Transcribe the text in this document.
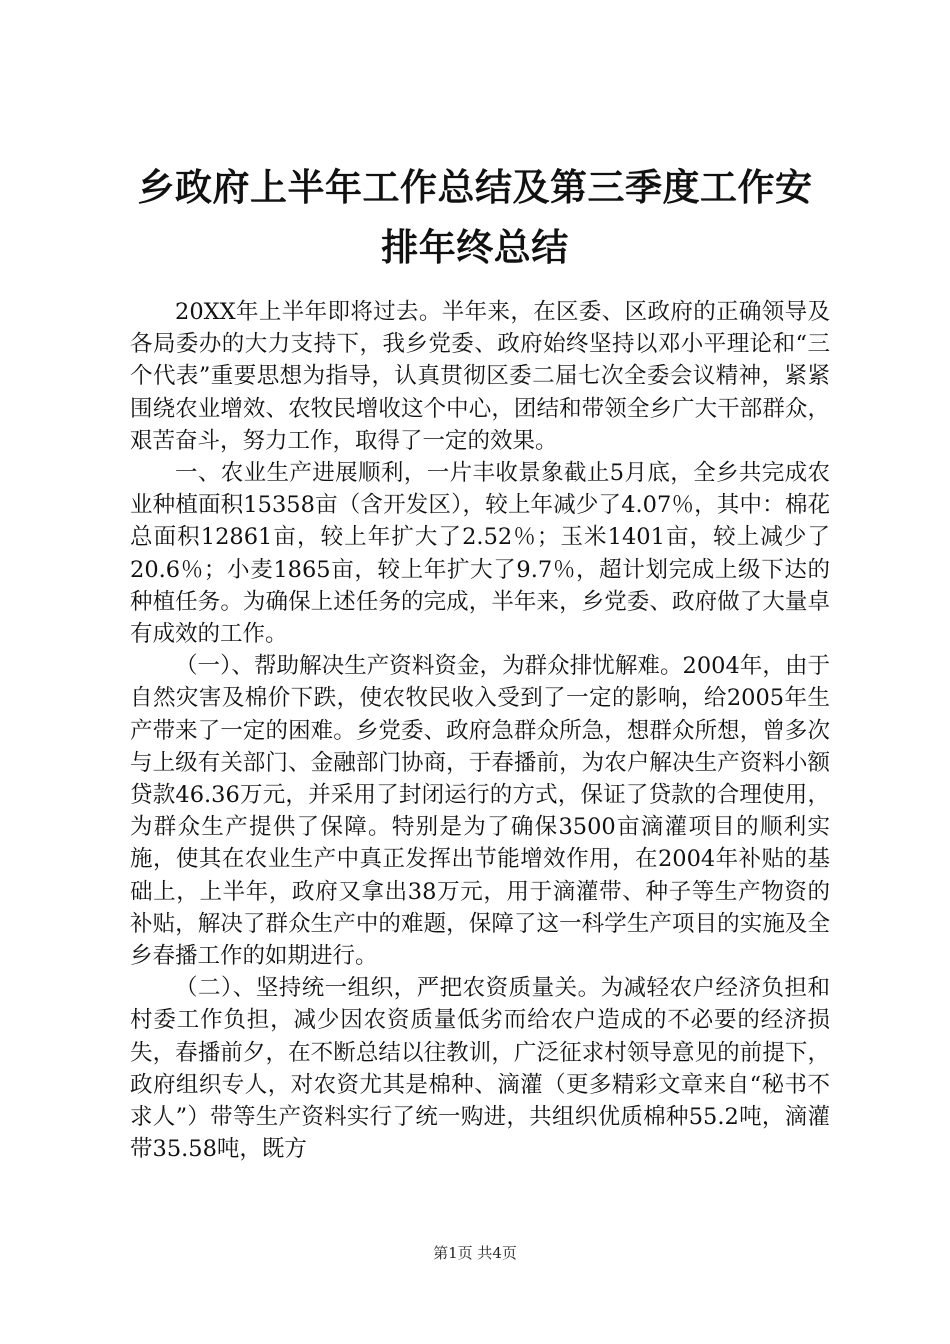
乡政府上半年工作总结及第三季度工作安排年终总结

20XX年上半年即将过去。半年来，在区委、区政府的正确领导及各局委办的大力支持下，我乡党委、政府始终坚持以邓小平理论和“三个代表”重要思想为指导，认真贯彻区委二届七次全委会议精神，紧紧围绕农业增效、农牧民增收这个中心，团结和带领全乡广大干部群众，艰苦奋斗，努力工作，取得了一定的效果。

一、农业生产进展顺利，一片丰收景象截止5月底，全乡共完成农业种植面积15358亩（含开发区），较上年减少了4.07％，其中：棉花总面积12861亩，较上年扩大了2.52％；玉米1401亩，较上减少了20.6％；小麦1865亩，较上年扩大了9.7％，超计划完成上级下达的种植任务。为确保上述任务的完成，半年来，乡党委、政府做了大量卓有成效的工作。

（一）、帮助解决生产资料资金，为群众排忧解难。2004年，由于自然灾害及棉价下跌，使农牧民收入受到了一定的影响，给2005年生产带来了一定的困难。乡党委、政府急群众所急，想群众所想，曾多次与上级有关部门、金融部门协商，于春播前，为农户解决生产资料小额贷款46.36万元，并采用了封闭运行的方式，保证了贷款的合理使用，为群众生产提供了保障。特别是为了确保3500亩滴灌项目的顺利实施，使其在农业生产中真正发挥出节能增效作用，在2004年补贴的基础上，上半年，政府又拿出38万元，用于滴灌带、种子等生产物资的补贴，解决了群众生产中的难题，保障了这一科学生产项目的实施及全乡春播工作的如期进行。

（二）、坚持统一组织，严把农资质量关。为减轻农户经济负担和村委工作负担，减少因农资质量低劣而给农户造成的不必要的经济损失，春播前夕，在不断总结以往教训，广泛征求村领导意见的前提下，政府组织专人，对农资尤其是棉种、滴灌（更多精彩文章来自“秘书不求人”）带等生产资料实行了统一购进，共组织优质棉种55.2吨，滴灌带35.58吨，既方

第1页 共4页
